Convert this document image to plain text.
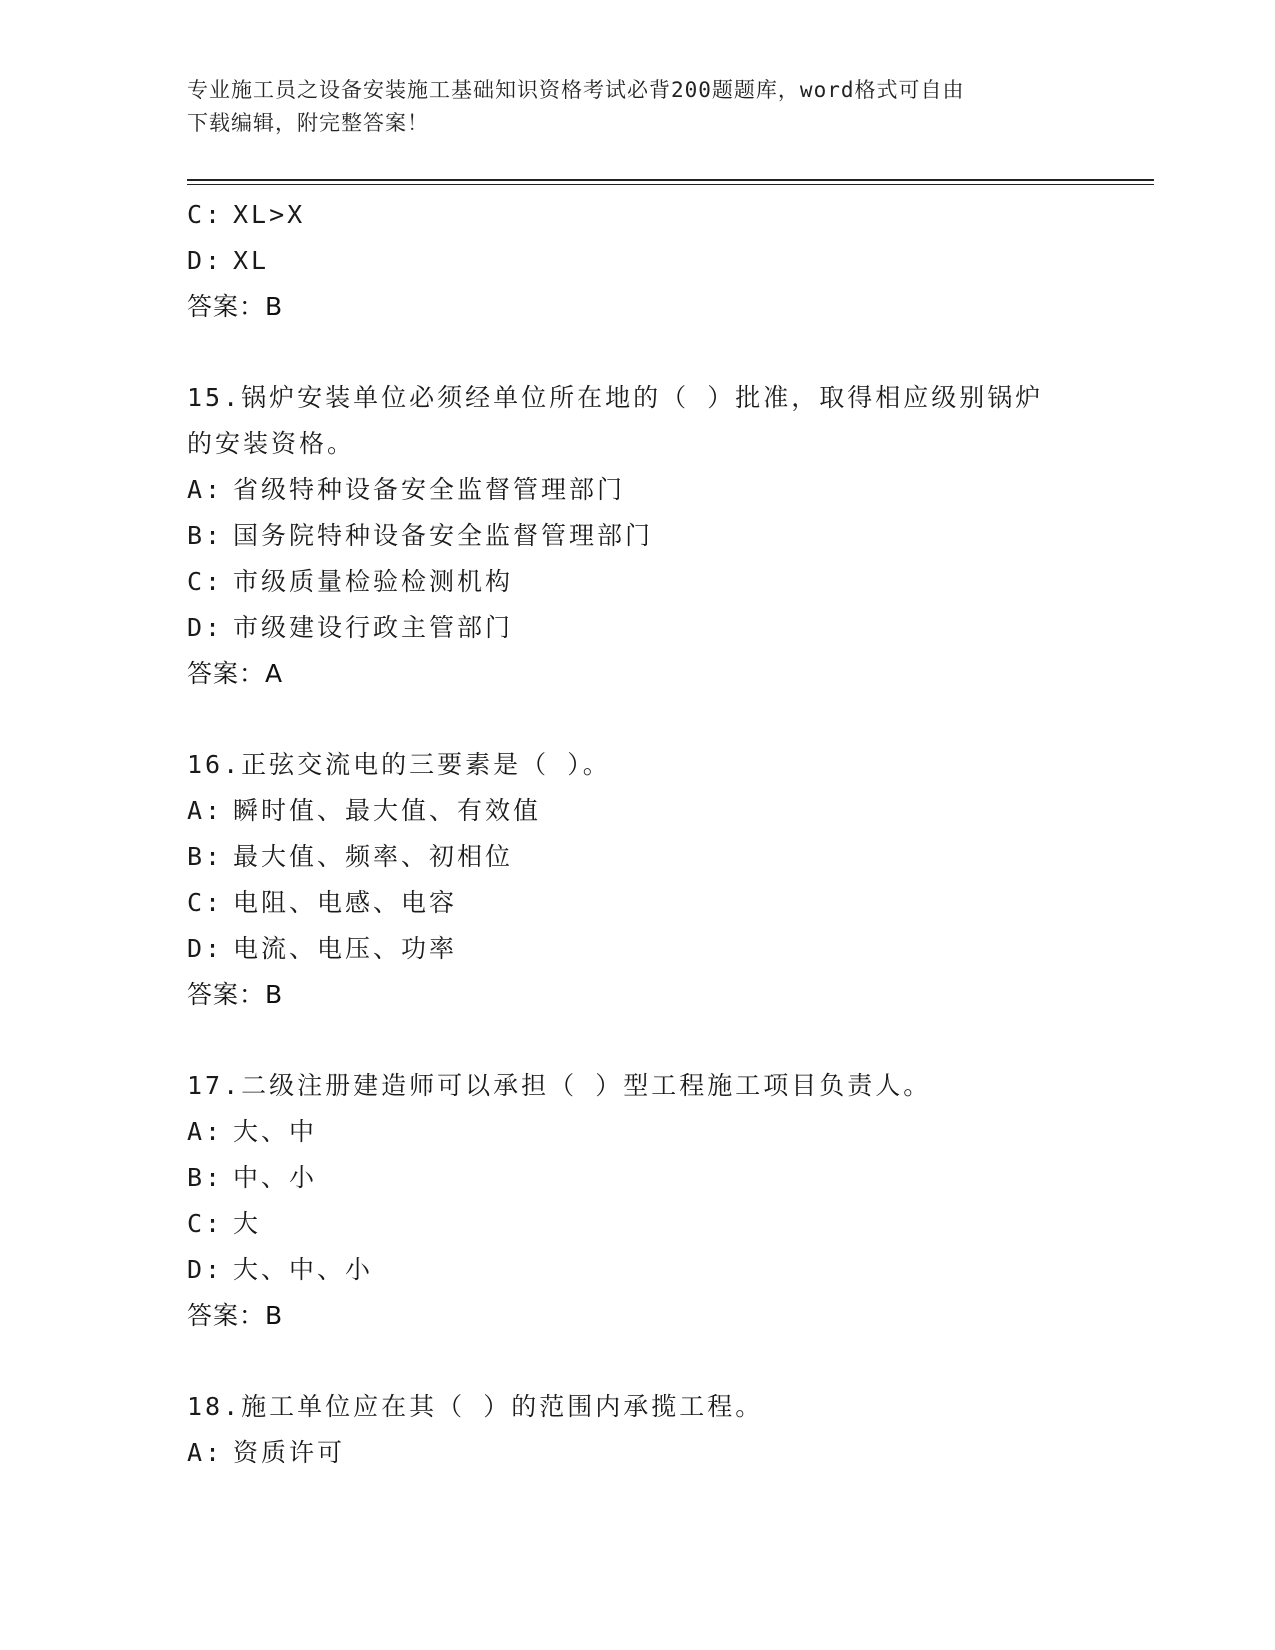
专业施工员之设备安装施工基础知识资格考试必背200题题库，word格式可自由
下载编辑，附完整答案！
C: XL>X
D: XL
答案：B
15.锅炉安装单位必须经单位所在地的（ ）批准，取得相应级别锅炉
的安装资格。
A: 省级特种设备安全监督管理部门
B: 国务院特种设备安全监督管理部门
C: 市级质量检验检测机构
D: 市级建设行政主管部门
答案：A
16.正弦交流电的三要素是（ ）。
A: 瞬时值、最大值、有效值
B: 最大值、频率、初相位
C: 电阻、电感、电容
D: 电流、电压、功率
答案：B
17.二级注册建造师可以承担（ ）型工程施工项目负责人。
A: 大、中
B: 中、小
C: 大
D: 大、中、小
答案：B
18.施工单位应在其（ ）的范围内承揽工程。
A: 资质许可
